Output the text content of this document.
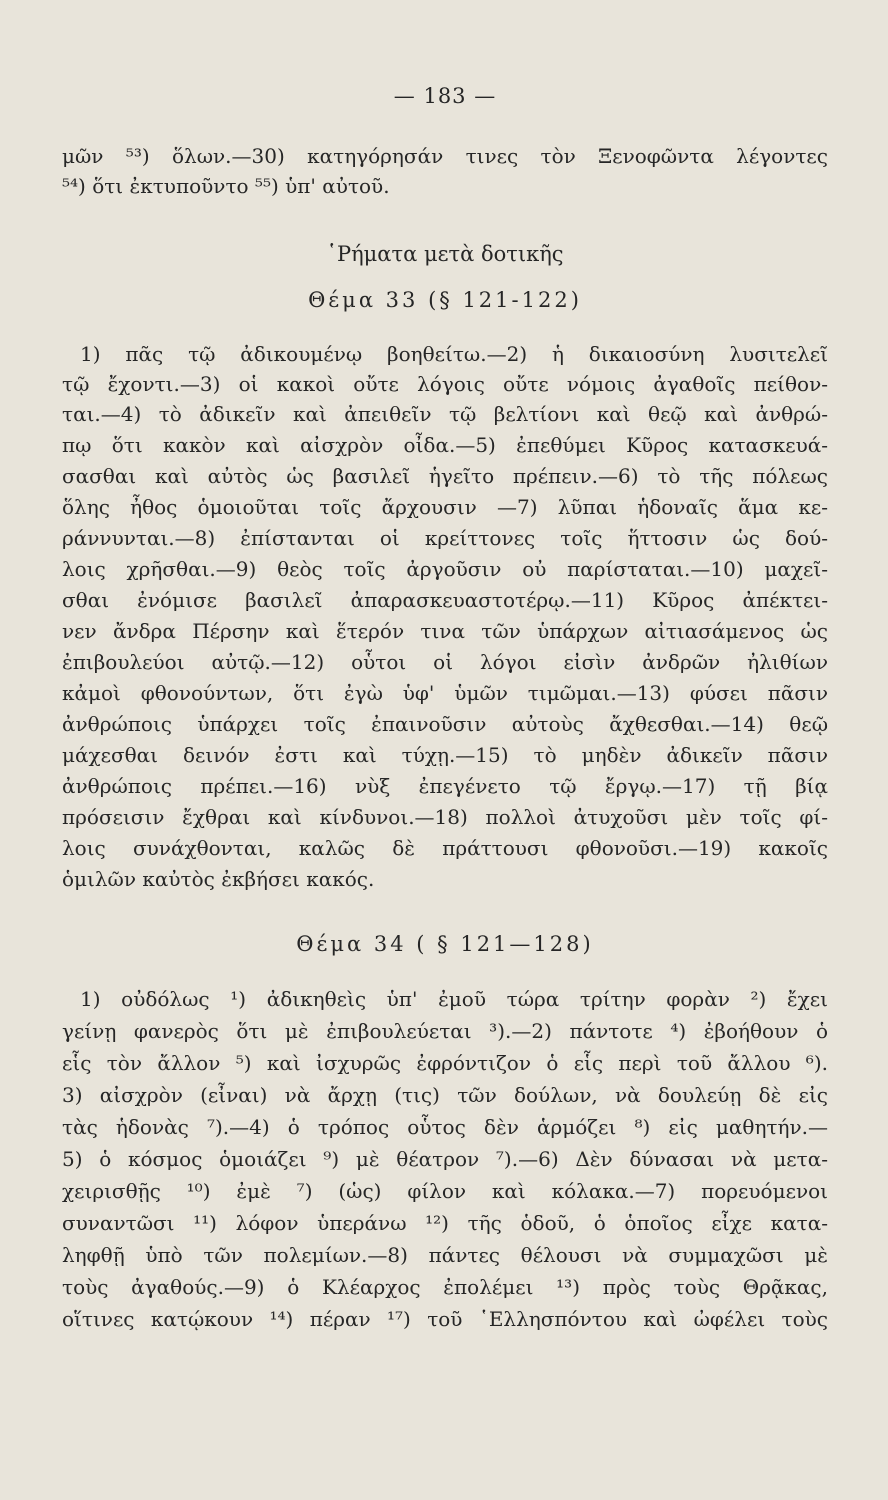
— 183 —
μῶν ⁵³) ὅλων.—30) κατηγόρησάν τινες τὸν Ξενοφῶντα λέγοντες
⁵⁴) ὅτι ἐκτυποῦντο ⁵⁵) ὑπ' αὐτοῦ.
῾Ρήματα μετὰ δοτικῆς
Θέμα 33 (§ 121-122)
1) πᾶς τῷ ἀδικουμένῳ βοηθείτω.—2) ἡ δικαιοσύνη λυσιτελεῖ
τῷ ἔχοντι.—3) οἱ κακοὶ οὔτε λόγοις οὔτε νόμοις ἀγαθοῖς πείθον-
ται.—4) τὸ ἀδικεῖν καὶ ἀπειθεῖν τῷ βελτίονι καὶ θεῷ καὶ ἀνθρώ-
πῳ ὅτι κακὸν καὶ αἰσχρὸν οἶδα.—5) ἐπεθύμει Κῦρος κατασκευά-
σασθαι καὶ αὐτὸς ὡς βασιλεῖ ἡγεῖτο πρέπειν.—6) τὸ τῆς πόλεως
ὅλης ἦθος ὁμοιοῦται τοῖς ἄρχουσιν —7) λῦπαι ἡδοναῖς ἅμα κε-
ράννυνται.—8) ἐπίστανται οἱ κρείττονες τοῖς ἥττοσιν ὡς δού-
λοις χρῆσθαι.—9) θεὸς τοῖς ἀργοῦσιν οὐ παρίσταται.—10) μαχεῖ-
σθαι ἐνόμισε βασιλεῖ ἀπαρασκευαστοτέρῳ.—11) Κῦρος ἀπέκτει-
νεν ἄνδρα Πέρσην καὶ ἕτερόν τινα τῶν ὑπάρχων αἰτιασάμενος ὡς
ἐπιβουλεύοι αὐτῷ.—12) οὗτοι οἱ λόγοι εἰσὶν ἀνδρῶν ἠλιθίων
κἀμοὶ φθονούντων, ὅτι ἐγὼ ὑφ' ὑμῶν τιμῶμαι.—13) φύσει πᾶσιν
ἀνθρώποις ὑπάρχει τοῖς ἐπαινοῦσιν αὐτοὺς ἄχθεσθαι.—14) θεῷ
μάχεσθαι δεινόν ἐστι καὶ τύχῃ.—15) τὸ μηδὲν ἀδικεῖν πᾶσιν
ἀνθρώποις πρέπει.—16) νὺξ ἐπεγένετο τῷ ἔργῳ.—17) τῇ βίᾳ
πρόσεισιν ἔχθραι καὶ κίνδυνοι.—18) πολλοὶ ἀτυχοῦσι μὲν τοῖς φί-
λοις συνάχθονται, καλῶς δὲ πράττουσι φθονοῦσι.—19) κακοῖς
ὁμιλῶν καὐτὸς ἐκβήσει κακός.
Θέμα 34 ( § 121—128)
1) οὐδόλως ¹) ἀδικηθεὶς ὑπ' ἐμοῦ τώρα τρίτην φορὰν ²) ἔχει
γείνῃ φανερὸς ὅτι μὲ ἐπιβουλεύεται ³).—2) πάντοτε ⁴) ἐβοήθουν ὁ
εἷς τὸν ἄλλον ⁵) καὶ ἰσχυρῶς ἐφρόντιζον ὁ εἷς περὶ τοῦ ἄλλου ⁶).
3) αἰσχρὸν (εἶναι) νὰ ἄρχῃ (τις) τῶν δούλων, νὰ δουλεύῃ δὲ εἰς
τὰς ἡδονὰς ⁷).—4) ὁ τρόπος οὗτος δὲν ἁρμόζει ⁸) εἰς μαθητήν.—
5) ὁ κόσμος ὁμοιάζει ⁹) μὲ θέατρον ⁷).—6) Δὲν δύνασαι νὰ μετα-
χειρισθῇς ¹⁰) ἐμὲ ⁷) (ὡς) φίλον καὶ κόλακα.—7) πορευόμενοι
συναντῶσι ¹¹) λόφον ὑπεράνω ¹²) τῆς ὁδοῦ, ὁ ὁποῖος εἶχε κατα-
ληφθῇ ὑπὸ τῶν πολεμίων.—8) πάντες θέλουσι νὰ συμμαχῶσι μὲ
τοὺς ἀγαθούς.—9) ὁ Κλέαρχος ἐπολέμει ¹³) πρὸς τοὺς Θρᾷκας,
οἵτινες κατῴκουν ¹⁴) πέραν ¹⁷) τοῦ ῾Ελλησπόντου καὶ ὠφέλει τοὺς
